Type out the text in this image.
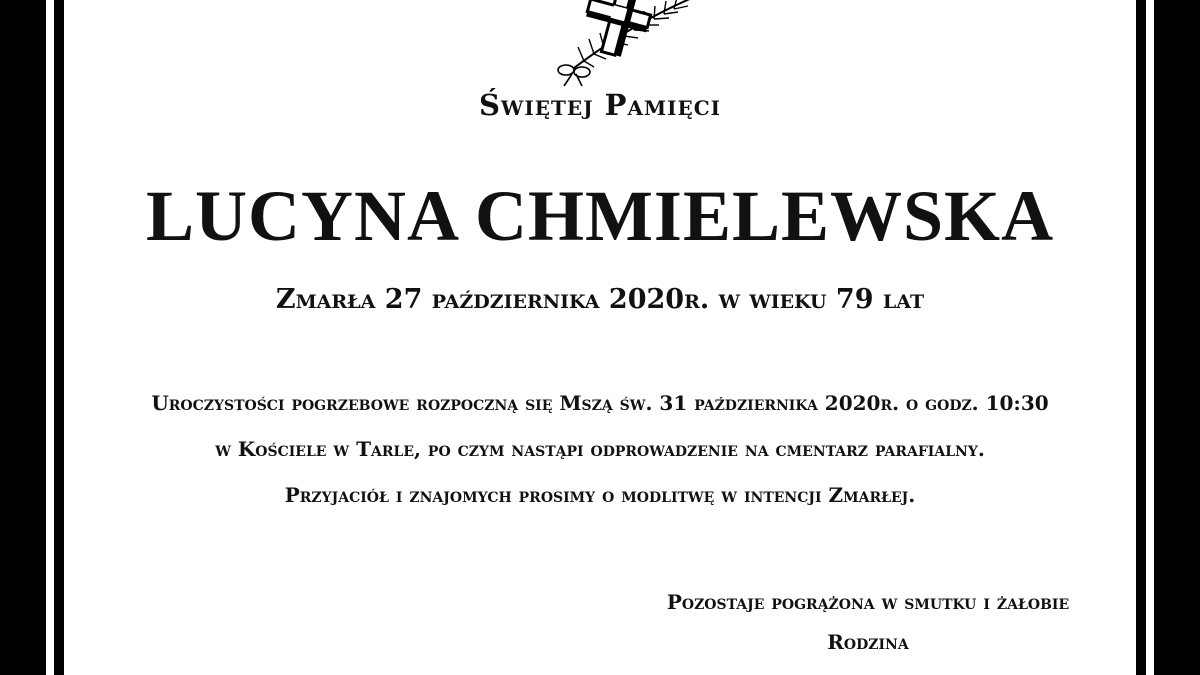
Świętej Pamięci
LUCYNA CHMIELEWSKA
Zmarła 27 października 2020r. w wieku 79 lat
Uroczystości pogrzebowe rozpoczną się Mszą św. 31 października 2020r. o godz. 10:30
w Kościele w Tarle, po czym nastąpi odprowadzenie na cmentarz parafialny.
Przyjaciół i znajomych prosimy o modlitwę w intencji Zmarłej.
Pozostaje pogrążona w smutku i żałobie
Rodzina
